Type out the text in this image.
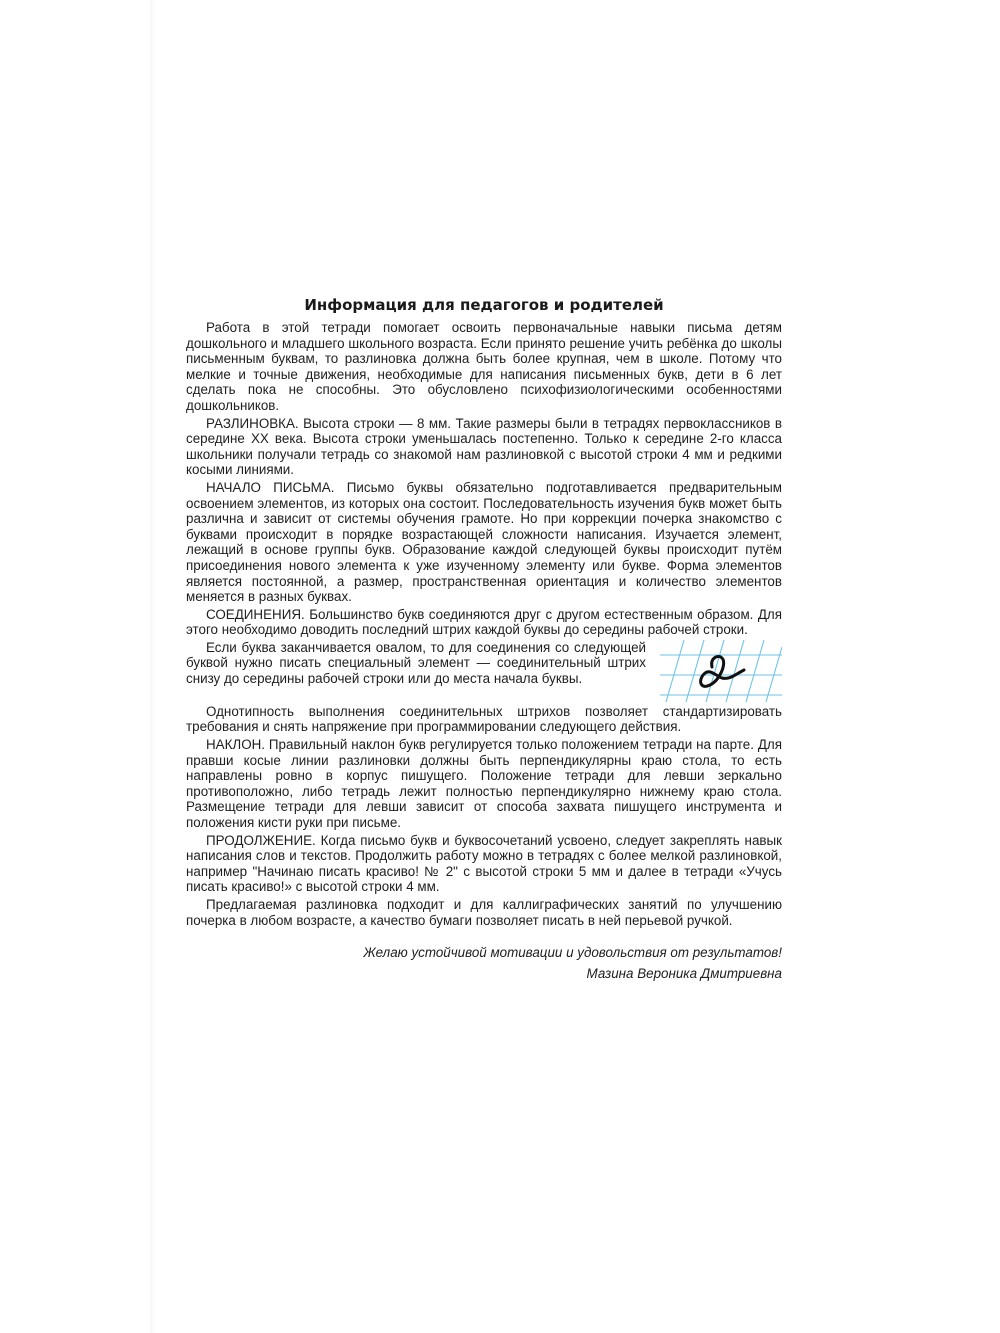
Информация для педагогов и родителей

Работа в этой тетради помогает освоить первоначальные навыки письма детям дошкольного и младшего школьного возраста. Если принято решение учить ребёнка до школы письменным буквам, то разлиновка должна быть более крупная, чем в школе. Потому что мелкие и точные движения, необходимые для написания письменных букв, дети в 6 лет сделать пока не способны. Это обусловлено психофизиологическими особенностями дошкольников.

РАЗЛИНОВКА. Высота строки — 8 мм. Такие размеры были в тетрадях первоклассников в середине XX века. Высота строки уменьшалась постепенно. Только к середине 2-го класса школьники получали тетрадь со знакомой нам разлиновкой с высотой строки 4 мм и редкими косыми линиями.

НАЧАЛО ПИСЬМА. Письмо буквы обязательно подготавливается предварительным освоением элементов, из которых она состоит. Последовательность изучения букв может быть различна и зависит от системы обучения грамоте. Но при коррекции почерка знакомство с буквами происходит в порядке возрастающей сложности написания. Изучается элемент, лежащий в основе группы букв. Образование каждой следующей буквы происходит путём присоединения нового элемента к уже изученному элементу или букве. Форма элементов является постоянной, а размер, пространственная ориентация и количество элементов меняется в разных буквах.

СОЕДИНЕНИЯ. Большинство букв соединяются друг с другом естественным образом. Для этого необходимо доводить последний штрих каждой буквы до середины рабочей строки.

Если буква заканчивается овалом, то для соединения со следующей буквой нужно писать специальный элемент — соединительный штрих снизу до середины рабочей строки или до места начала буквы.

Однотипность выполнения соединительных штрихов позволяет стандартизировать требования и снять напряжение при программировании следующего действия.

НАКЛОН. Правильный наклон букв регулируется только положением тетради на парте. Для правши косые линии разлиновки должны быть перпендикулярны краю стола, то есть направлены ровно в корпус пишущего. Положение тетради для левши зеркально противоположно, либо тетрадь лежит полностью перпендикулярно нижнему краю стола. Размещение тетради для левши зависит от способа захвата пишущего инструмента и положения кисти руки при письме.

ПРОДОЛЖЕНИЕ. Когда письмо букв и буквосочетаний усвоено, следует закреплять навык написания слов и текстов. Продолжить работу можно в тетрадях с более мелкой разлиновкой, например "Начинаю писать красиво! № 2" с высотой строки 5 мм и далее в тетради «Учусь писать красиво!» с высотой строки 4 мм.

Предлагаемая разлиновка подходит и для каллиграфических занятий по улучшению почерка в любом возрасте, а качество бумаги позволяет писать в ней перьевой ручкой.

Желаю устойчивой мотивации и удовольствия от результатов!
Мазина Вероника Дмитриевна
